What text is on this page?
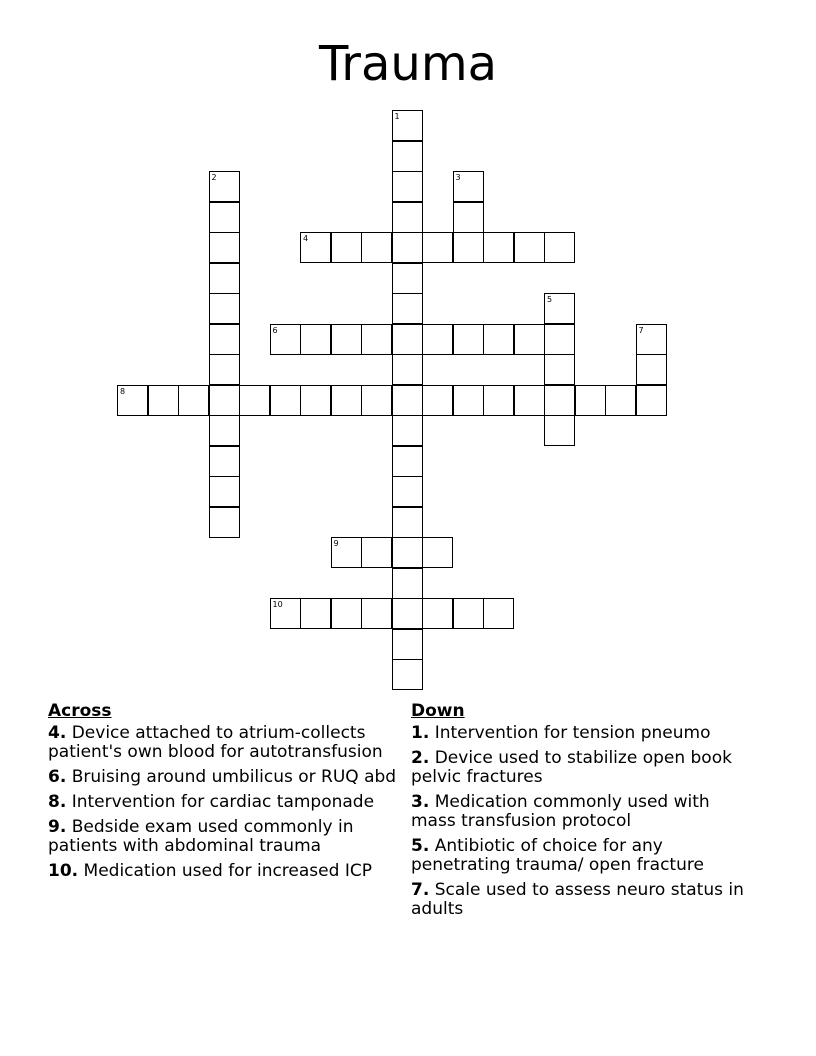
Trauma
1
2	3
4
5
6	7
8
9
10
Across
4. Device attached to atrium-collects patient's own blood for autotransfusion
6. Bruising around umbilicus or RUQ abd
8. Intervention for cardiac tamponade
9. Bedside exam used commonly in patients with abdominal trauma
10. Medication used for increased ICP
Down
1. Intervention for tension pneumo
2. Device used to stabilize open book pelvic fractures
3. Medication commonly used with mass transfusion protocol
5. Antibiotic of choice for any penetrating trauma/ open fracture
7. Scale used to assess neuro status in adults
